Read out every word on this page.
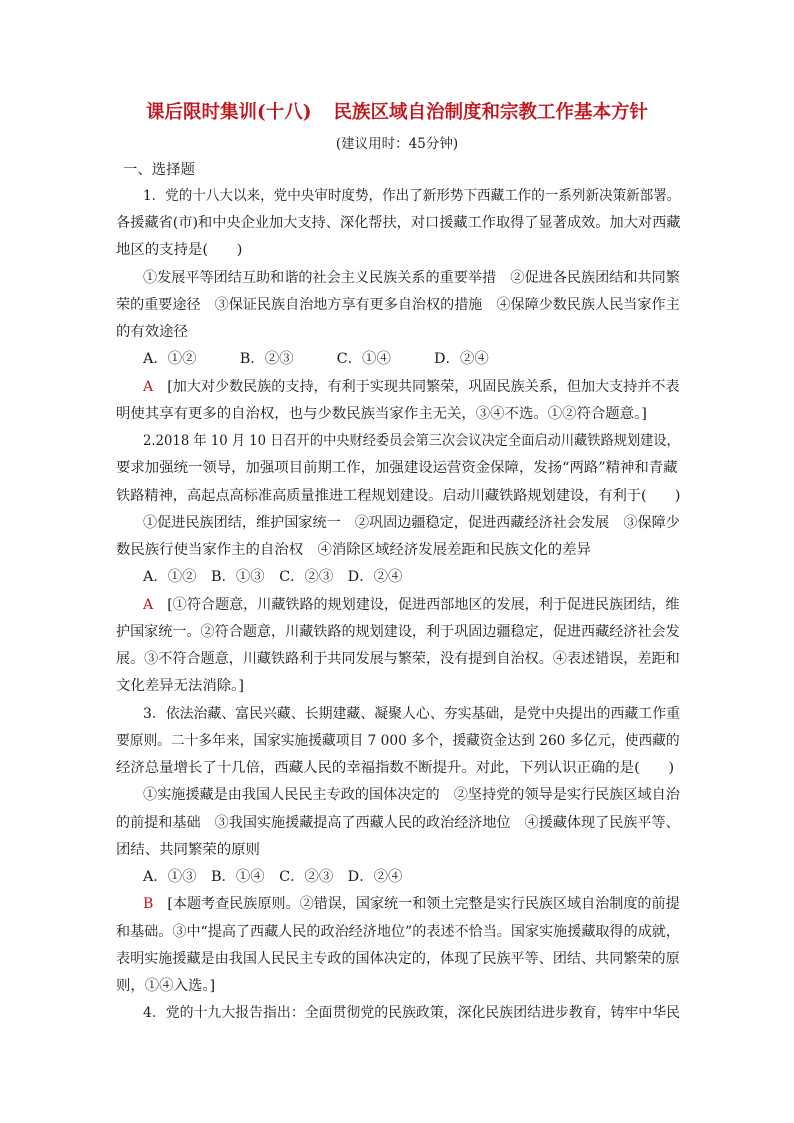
课后限时集训(十八) 民族区域自治制度和宗教工作基本方针
(建议用时：45分钟)
一、选择题
1．党的十八大以来，党中央审时度势，作出了新形势下西藏工作的一系列新决策新部署。
各援藏省(市)和中央企业加大支持、深化帮扶，对口援藏工作取得了显著成效。加大对西藏
地区的支持是(　　)
①发展平等团结互助和谐的社会主义民族关系的重要举措　②促进各民族团结和共同繁
荣的重要途径　③保证民族自治地方享有更多自治权的措施　④保障少数民族人民当家作主
的有效途径
A．①②　　　B．②③　　　C．①④　　　D．②④
A　 [加大对少数民族的支持，有利于实现共同繁荣，巩固民族关系，但加大支持并不表
明使其享有更多的自治权，也与少数民族当家作主无关，③④不选。①②符合题意。]
2.2018 年 10 月 10 日召开的中央财经委员会第三次会议决定全面启动川藏铁路规划建设，
要求加强统一领导，加强项目前期工作，加强建设运营资金保障，发扬“两路”精神和青藏
铁路精神，高起点高标准高质量推进工程规划建设。启动川藏铁路规划建设，有利于(　　)
①促进民族团结，维护国家统一　②巩固边疆稳定，促进西藏经济社会发展　③保障少
数民族行使当家作主的自治权　④消除区域经济发展差距和民族文化的差异
A．①②　B．①③　C．②③　D．②④
A　 [①符合题意，川藏铁路的规划建设，促进西部地区的发展，利于促进民族团结，维
护国家统一。②符合题意，川藏铁路的规划建设，利于巩固边疆稳定，促进西藏经济社会发
展。③不符合题意，川藏铁路利于共同发展与繁荣，没有提到自治权。④表述错误，差距和
文化差异无法消除。]
3．依法治藏、富民兴藏、长期建藏、凝聚人心、夯实基础，是党中央提出的西藏工作重
要原则。二十多年来，国家实施援藏项目 7 000 多个，援藏资金达到 260 多亿元，使西藏的
经济总量增长了十几倍，西藏人民的幸福指数不断提升。对此，下列认识正确的是(　　)
①实施援藏是由我国人民民主专政的国体决定的　②坚持党的领导是实行民族区域自治
的前提和基础　③我国实施援藏提高了西藏人民的政治经济地位　④援藏体现了民族平等、
团结、共同繁荣的原则
A．①③　B．①④　C．②③　D．②④
B　 [本题考查民族原则。②错误，国家统一和领土完整是实行民族区域自治制度的前提
和基础。③中“提高了西藏人民的政治经济地位”的表述不恰当。国家实施援藏取得的成就，
表明实施援藏是由我国人民民主专政的国体决定的，体现了民族平等、团结、共同繁荣的原
则，①④入选。]
4．党的十九大报告指出：全面贯彻党的民族政策，深化民族团结进步教育，铸牢中华民
